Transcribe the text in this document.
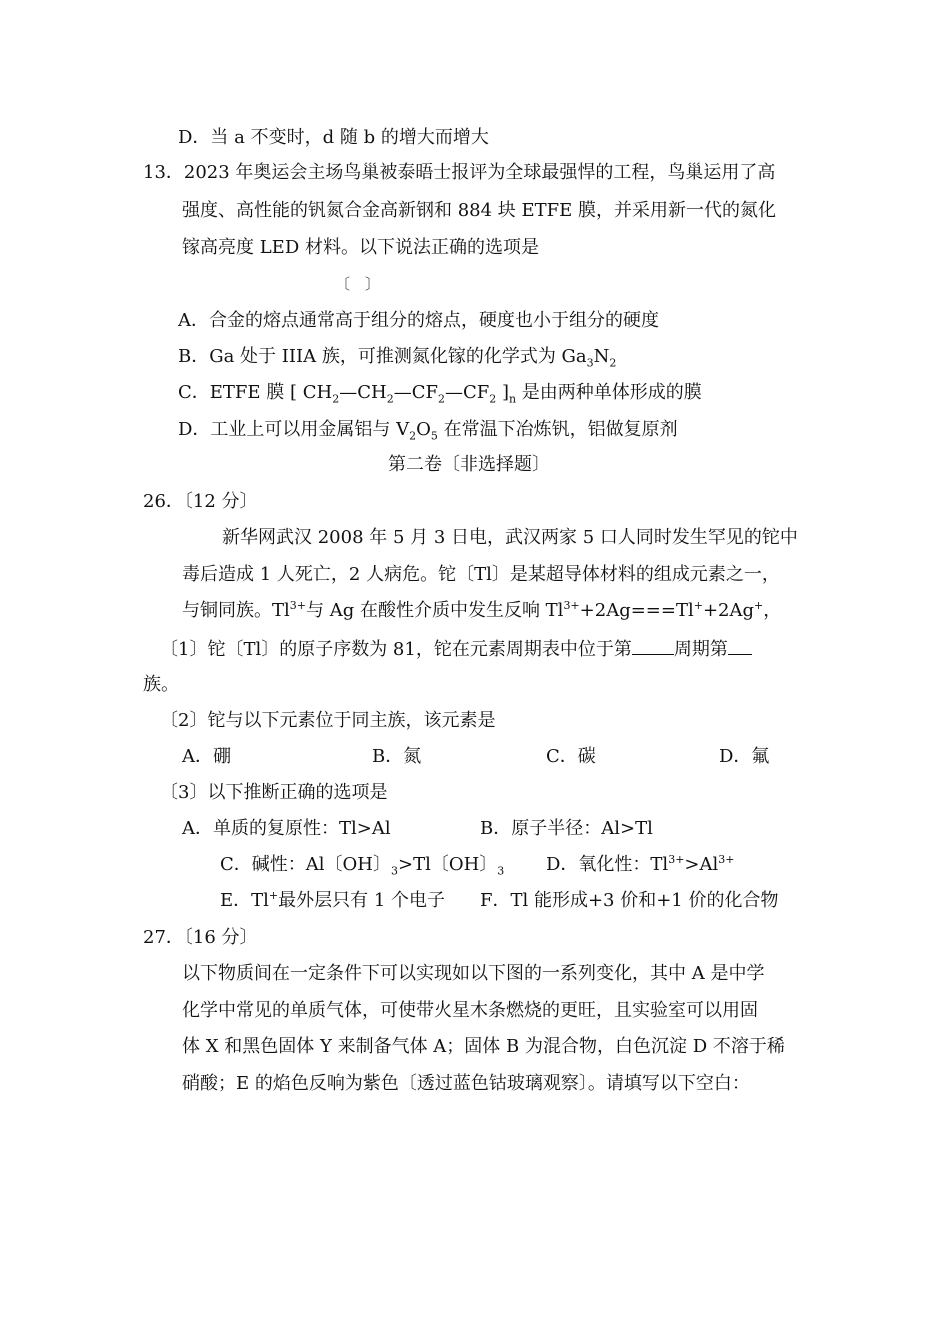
D．当 a 不变时，d 随 b 的增大而增大
13．2023 年奥运会主场鸟巢被泰晤士报评为全球最强悍的工程，鸟巢运用了高
强度、高性能的钒氮合金高新钢和 884 块 ETFE 膜，并采用新一代的氮化
镓高亮度 LED 材料。以下说法正确的选项是
〔　〕
A．合金的熔点通常高于组分的熔点，硬度也小于组分的硬度
B．Ga 处于 IIIA 族，可推测氮化镓的化学式为 $Ga_3N_2$
C．ETFE 膜 [ $CH_2—CH_2—CF_2—CF_2$ ]$_n$ 是由两种单体形成的膜
D．工业上可以用金属铝与 $V_2O_5$ 在常温下冶炼钒，铝做复原剂
第二卷〔非选择题〕
26．〔12 分〕
新华网武汉 2008 年 5 月 3 日电，武汉两家 5 口人同时发生罕见的铊中
毒后造成 1 人死亡，2 人病危。铊〔Tl〕是某超导体材料的组成元素之一，
与铜同族。$Tl^{3+}$与 Ag 在酸性介质中发生反响 $Tl^{3+}+2Ag===Tl^++2Ag^+$，
〔1〕铊〔Tl〕的原子序数为 81，铊在元素周期表中位于第 周期第
族。
〔2〕铊与以下元素位于同主族，该元素是
A．硼	B．氮	C．碳	D．氟
〔3〕以下推断正确的选项是
A．单质的复原性：Tl>Al	B．原子半径：Al>Tl
C．碱性：Al〔OH〕$_3$>Tl〔OH〕$_3$ D．氧化性：$Tl^{3+}>Al^{3+}$
E．Tl+最外层只有 1 个电子 F．Tl 能形成+3 价和+1 价的化合物
27．〔16 分〕
以下物质间在一定条件下可以实现如以下图的一系列变化，其中 A 是中学
化学中常见的单质气体，可使带火星木条燃烧的更旺，且实验室可以用固
体 X 和黑色固体 Y 来制备气体 A；固体 B 为混合物，白色沉淀 D 不溶于稀
硝酸；E 的焰色反响为紫色〔透过蓝色钴玻璃观察〕。请填写以下空白：
